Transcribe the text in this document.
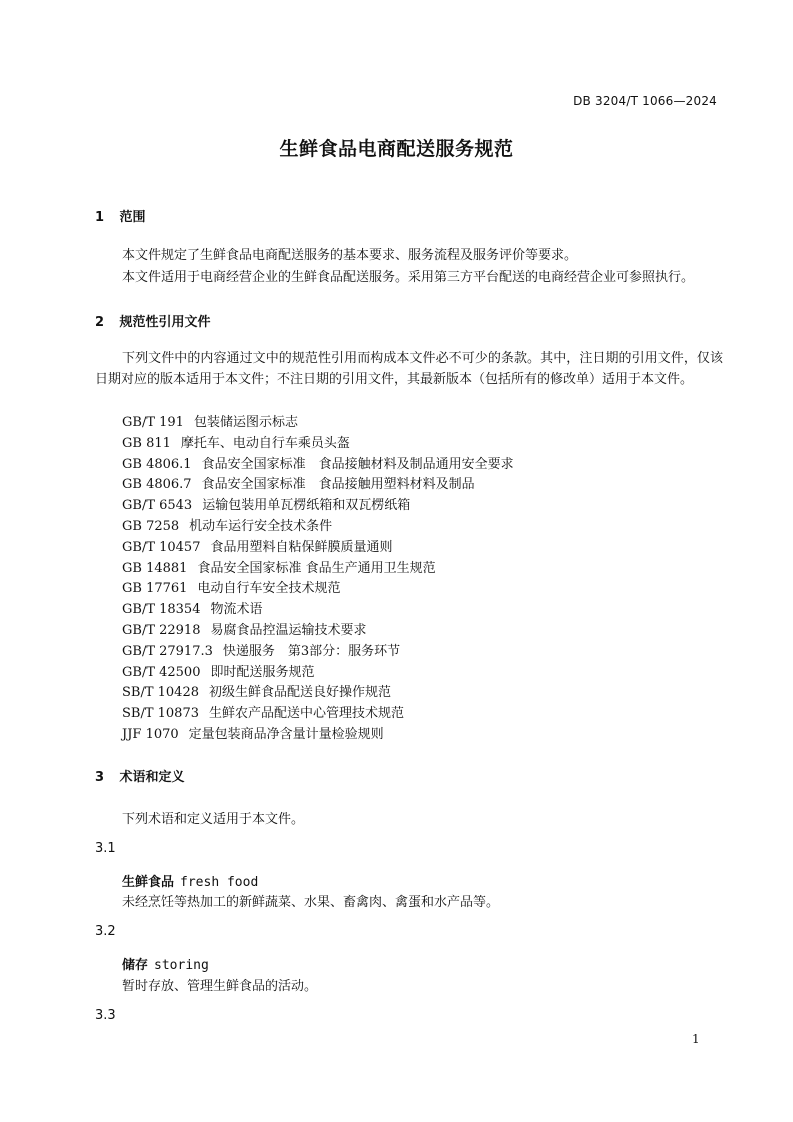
DB 3204/T 1066—2024
生鲜食品电商配送服务规范
1 范围
本文件规定了生鲜食品电商配送服务的基本要求、服务流程及服务评价等要求。
本文件适用于电商经营企业的生鲜食品配送服务。采用第三方平台配送的电商经营企业可参照执行。
2 规范性引用文件
下列文件中的内容通过文中的规范性引用而构成本文件必不可少的条款。其中，注日期的引用文件，仅该日期对应的版本适用于本文件；不注日期的引用文件，其最新版本（包括所有的修改单）适用于本文件。
GB/T 191 包装储运图示标志
GB 811 摩托车、电动自行车乘员头盔
GB 4806.1 食品安全国家标准　食品接触材料及制品通用安全要求
GB 4806.7 食品安全国家标准　食品接触用塑料材料及制品
GB/T 6543 运输包装用单瓦楞纸箱和双瓦楞纸箱
GB 7258 机动车运行安全技术条件
GB/T 10457 食品用塑料自粘保鲜膜质量通则
GB 14881 食品安全国家标准 食品生产通用卫生规范
GB 17761 电动自行车安全技术规范
GB/T 18354 物流术语
GB/T 22918 易腐食品控温运输技术要求
GB/T 27917.3 快递服务　第3部分：服务环节
GB/T 42500 即时配送服务规范
SB/T 10428 初级生鲜食品配送良好操作规范
SB/T 10873 生鲜农产品配送中心管理技术规范
JJF 1070 定量包装商品净含量计量检验规则
3 术语和定义
下列术语和定义适用于本文件。
3.1
生鲜食品 fresh food
未经烹饪等热加工的新鲜蔬菜、水果、畜禽肉、禽蛋和水产品等。
3.2
储存 storing
暂时存放、管理生鲜食品的活动。
3.3
1
